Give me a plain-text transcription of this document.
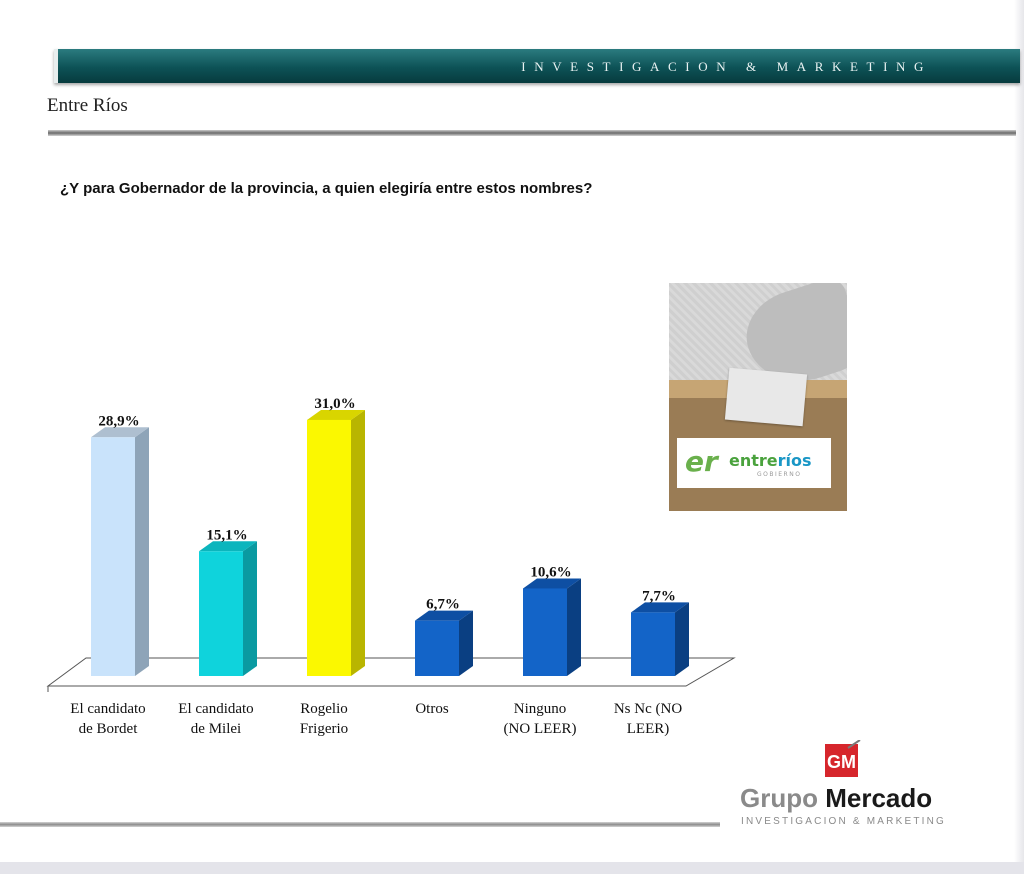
INVESTIGACION & MARKETING
Entre Ríos
¿Y para Gobernador de la provincia, a quien elegiría entre estos nombres?
28,9%
El candidato
de Bordet
15,1%
El candidato
de Milei
31,0%
Rogelio
Frigerio
6,7%
Otros
10,6%
Ninguno
(NO LEER)
7,7%
Ns Nc (NO
LEER)
er entreríos
GOBIERNO
GM
Grupo Mercado
INVESTIGACION & MARKETING
